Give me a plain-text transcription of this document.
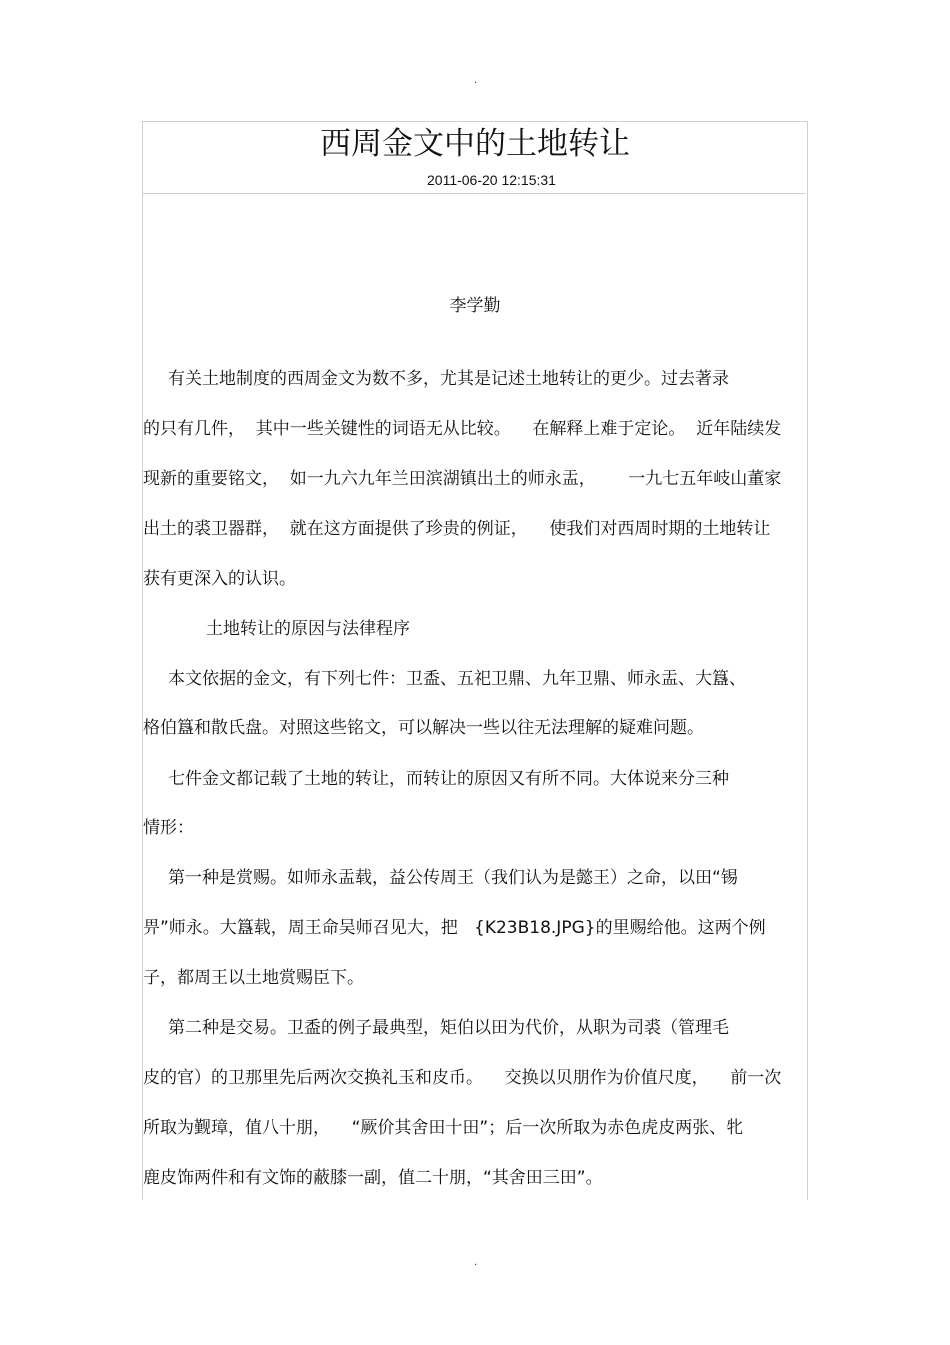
.
西周金文中的土地转让
2011-06-20 12:15:31
李学勤
有关土地制度的西周金文为数不多，尤其是记述土地转让的更少。过去著录
的只有几件，  其中一些关键性的词语无从比较。    在解释上难于定论。  近年陆续发
现新的重要铭文，  如一九六九年兰田滨湖镇出土的师永盂，      一九七五年岐山董家
出土的裘卫器群，  就在这方面提供了珍贵的例证，    使我们对西周时期的土地转让
获有更深入的认识。
土地转让的原因与法律程序
本文依据的金文，有下列七件：卫盉、五祀卫鼎、九年卫鼎、师永盂、大簋、
格伯簋和散氏盘。对照这些铭文，可以解决一些以往无法理解的疑难问题。
七件金文都记载了土地的转让，而转让的原因又有所不同。大体说来分三种
情形：
第一种是赏赐。如师永盂载，益公传周王（我们认为是懿王）之命，以田“锡
畀”师永。大簋载，周王命吴师召见大，把   {K23B18.JPG}的里赐给他。这两个例
子，都周王以土地赏赐臣下。
第二种是交易。卫盉的例子最典型，矩伯以田为代价，从职为司裘（管理毛
皮的官）的卫那里先后两次交换礼玉和皮币。    交换以贝朋作为价值尺度，    前一次
所取为觐璋，值八十朋，    “厥价其舍田十田”；后一次所取为赤色虎皮两张、牝
鹿皮饰两件和有文饰的蔽膝一副，值二十朋，“其舍田三田”。
.
